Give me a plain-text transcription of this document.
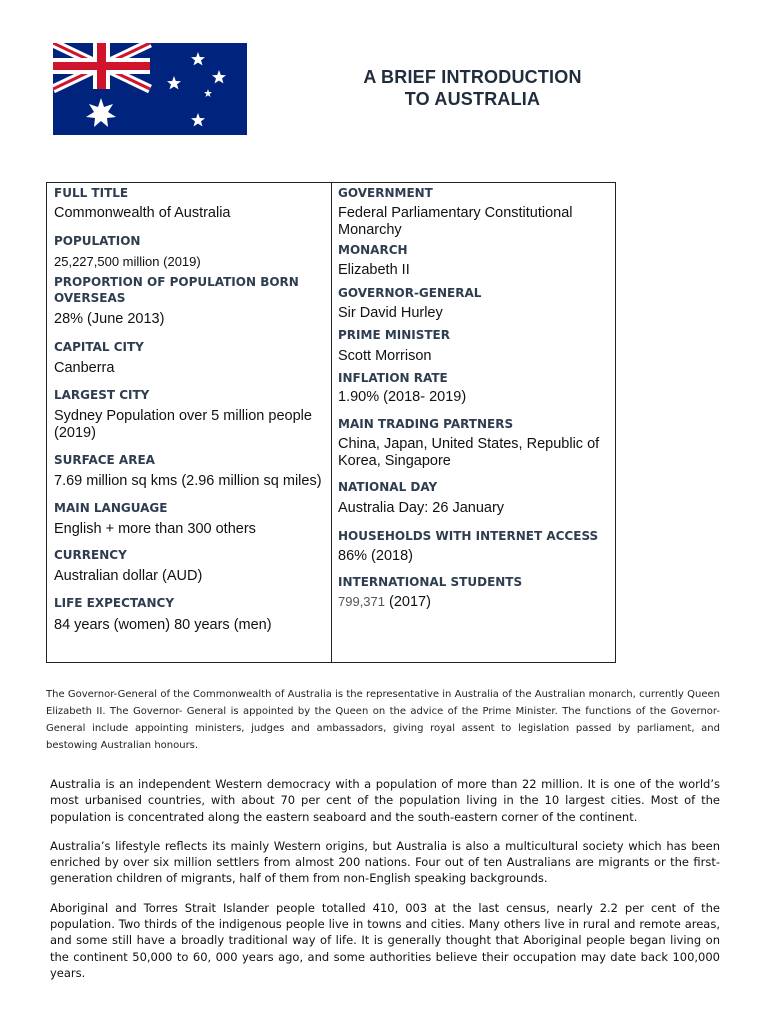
A BRIEF INTRODUCTION
TO AUSTRALIA
FULL TITLE
Commonwealth of Australia
POPULATION
25,227,500 million (2019)
PROPORTION OF POPULATION BORN OVERSEAS
28% (June 2013)
CAPITAL CITY
Canberra
LARGEST CITY
Sydney Population over 5 million people (2019)
SURFACE AREA
7.69 million sq kms (2.96 million sq miles)
MAIN LANGUAGE
English + more than 300 others
CURRENCY
Australian dollar (AUD)
LIFE EXPECTANCY
84 years (women) 80 years (men)
GOVERNMENT
Federal Parliamentary Constitutional Monarchy
MONARCH
Elizabeth II
GOVERNOR-GENERAL
Sir David Hurley
PRIME MINISTER
Scott Morrison
INFLATION RATE
1.90% (2018- 2019)
MAIN TRADING PARTNERS
China, Japan, United States, Republic of Korea, Singapore
NATIONAL DAY
Australia Day: 26 January
HOUSEHOLDS WITH INTERNET ACCESS
86% (2018)
INTERNATIONAL STUDENTS
799,371 (2017)

The Governor-General of the Commonwealth of Australia is the representative in Australia of the Australian monarch, currently Queen Elizabeth II. The Governor- General is appointed by the Queen on the advice of the Prime Minister. The functions of the Governor-General include appointing ministers, judges and ambassadors, giving royal assent to legislation passed by parliament, and bestowing Australian honours.

Australia is an independent Western democracy with a population of more than 22 million. It is one of the world’s most urbanised countries, with about 70 per cent of the population living in the 10 largest cities. Most of the population is concentrated along the eastern seaboard and the south-eastern corner of the continent.

Australia’s lifestyle reflects its mainly Western origins, but Australia is also a multicultural society which has been enriched by over six million settlers from almost 200 nations. Four out of ten Australians are migrants or the first-generation children of migrants, half of them from non-English speaking backgrounds.

Aboriginal and Torres Strait Islander people totalled 410, 003 at the last census, nearly 2.2 per cent of the population. Two thirds of the indigenous people live in towns and cities. Many others live in rural and remote areas, and some still have a broadly traditional way of life. It is generally thought that Aboriginal people began living on the continent 50,000 to 60, 000 years ago, and some authorities believe their occupation may date back 100,000 years.
